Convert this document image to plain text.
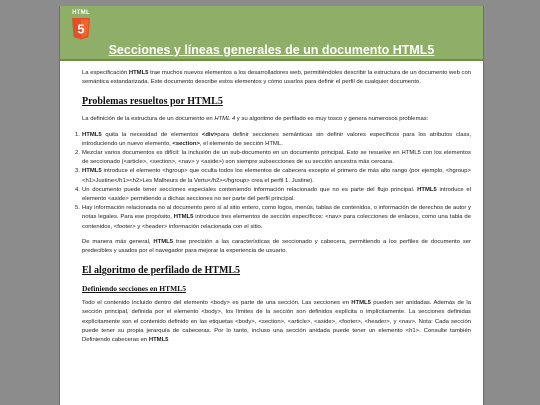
HTML
5
Secciones y líneas generales de un documento HTML5

La especificación HTML5 trae muchos nuevos elementos a los desarrolladores web, permitiéndoles describir la estructura de un documento web con semántica estandarizada. Este documento describe estos elementos y cómo usarlos para definir el perfil de cualquier documento.

Problemas resueltos por HTML5

La definición de la estructura de un documento en HTML 4 y su algoritmo de perfilado es muy tosco y genera numerosos problemas:

1. HTML5 quita la necesidad de elementos <div>para definir secciones semánticas sin definir valores específicos para los atributos class, introduciendo un nuevo elemento, <section>, el elemento de sección HTML.
2. Mezclar varios documentos es difícil: la inclusión de un sub-documento en un documento principal. Esto se resuelve en HTML5 con los elementos de seccionado (<article>, <section>, <nav> y <aside>) son siempre subsecciones de su sección ancestra más cercana.
3. HTML5 introduce el elemento <hgroup> que oculta todos los elementos de cabecera excepto el primero de más alto rango (por ejemplo, <hgroup><h1>Justine</h1><h2>Les Malheurs de la Vertu</h2></hgroup> crea el perfil 1. Justine).
4. Un documento puede tener secciones especiales conteniendo información relacionado que no es parte del flujo principal. HTML5 introduce el elemento <aside> permitiendo a dichas secciones no ser parte del perfil principal.
5. Hay información relacionada no al documento pero sí al sitio entero, como logos, menús, tablas de contenidos, o información de derechos de autor y notas legales. Para ese propósito, HTML5 introduce tres elementos de sección específicos: <nav> para colecciones de enlaces, como una tabla de contenidos, <footer> y <header> información relacionada con el sitio.

De manera más general, HTML5 trae precisión a las características de seccionado y cabecera, permitiendo a los perfiles de documento ser predecibles y usados por el navegador para mejorar la experiencia de usuario.

El algoritmo de perfilado de HTML5
Definiendo secciones en HTML5

Todo el contenido incluido dentro del elemento <body> es parte de una sección. Las secciones en HTML5 pueden ser anidadas. Además de la sección principal, definida por el elemento <body>, los límites de la sección son definidos explícita o implícitamente. La secciones definidas explícitamente son el contenido definido en las etiquetas <body>, <section>, <article>, <aside>, <footer>, <header>, y <nav>. Nota: Cada sección puede tener su propia jerarquía de cabeceras. Por lo tanto, incluso una sección anidada puede tener un elemento <h1>. Consulte también Definiendo cabeceras en HTML5
